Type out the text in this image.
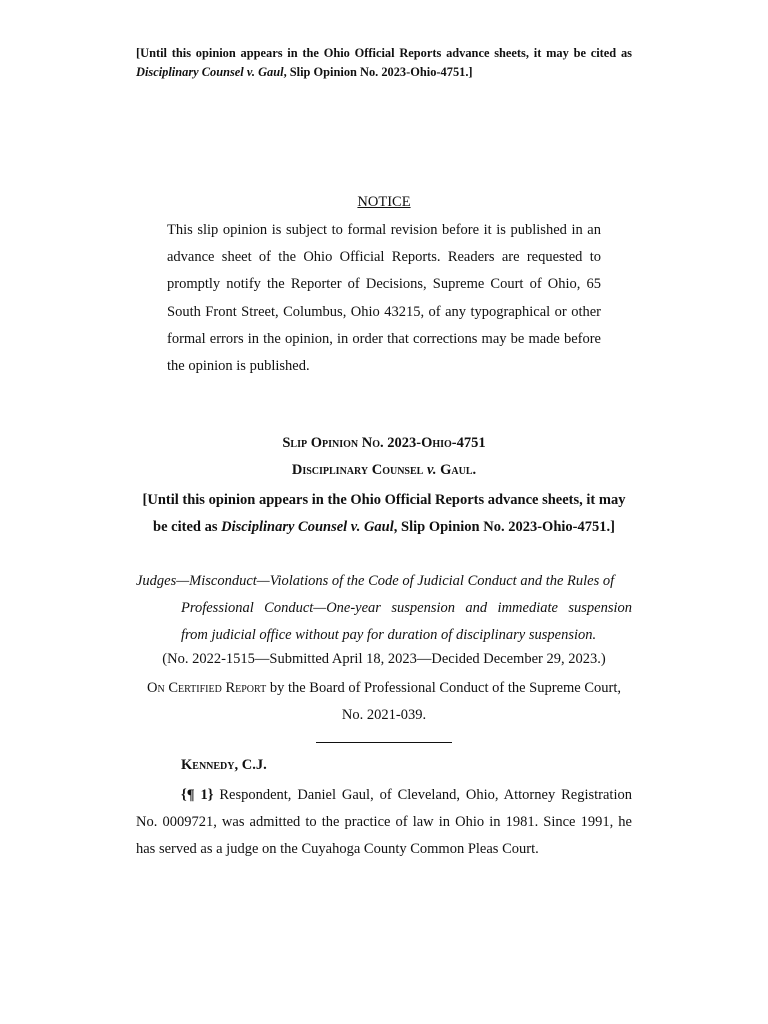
[Until this opinion appears in the Ohio Official Reports advance sheets, it may be cited as Disciplinary Counsel v. Gaul, Slip Opinion No. 2023-Ohio-4751.]
NOTICE
This slip opinion is subject to formal revision before it is published in an advance sheet of the Ohio Official Reports. Readers are requested to promptly notify the Reporter of Decisions, Supreme Court of Ohio, 65 South Front Street, Columbus, Ohio 43215, of any typographical or other formal errors in the opinion, in order that corrections may be made before the opinion is published.
Slip Opinion No. 2023-Ohio-4751
Disciplinary Counsel v. Gaul.
[Until this opinion appears in the Ohio Official Reports advance sheets, it may be cited as Disciplinary Counsel v. Gaul, Slip Opinion No. 2023-Ohio-4751.]
Judges—Misconduct—Violations of the Code of Judicial Conduct and the Rules of
Professional Conduct—One-year suspension and immediate suspension
from judicial office without pay for duration of disciplinary suspension.
(No. 2022-1515—Submitted April 18, 2023—Decided December 29, 2023.)
On Certified Report by the Board of Professional Conduct of the Supreme Court, No. 2021-039.
Kennedy, C.J.
{¶ 1} Respondent, Daniel Gaul, of Cleveland, Ohio, Attorney Registration No. 0009721, was admitted to the practice of law in Ohio in 1981. Since 1991, he has served as a judge on the Cuyahoga County Common Pleas Court.
